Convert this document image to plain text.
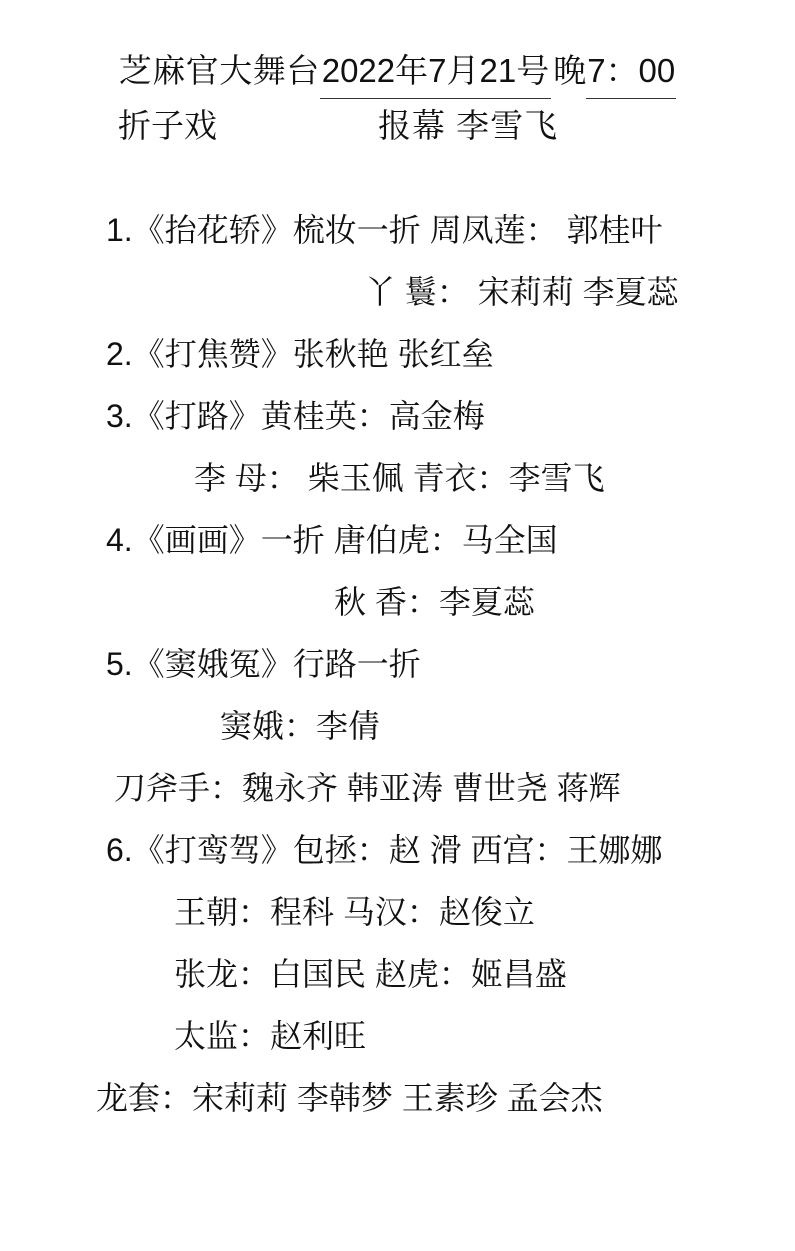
芝麻官大舞台 2022年7月21号 晚 7：00
折子戏	报幕 李雪飞
1.《抬花轿》梳妆一折 周凤莲： 郭桂叶
丫 鬟： 宋莉莉 李夏蕊
2.《打焦赞》张秋艳 张红垒
3.《打路》黄桂英：高金梅
李 母： 柴玉佩 青衣：李雪飞
4.《画画》一折 唐伯虎：马全国
秋 香：李夏蕊
5.《窦娥冤》行路一折
窦娥：李倩
刀斧手：魏永齐 韩亚涛 曹世尧 蒋辉
6.《打鸾驾》包拯：赵 滑 西宫：王娜娜
王朝：程科 马汉：赵俊立
张龙：白国民 赵虎：姬昌盛
太监：赵利旺
龙套：宋莉莉 李韩梦 王素珍 孟会杰
